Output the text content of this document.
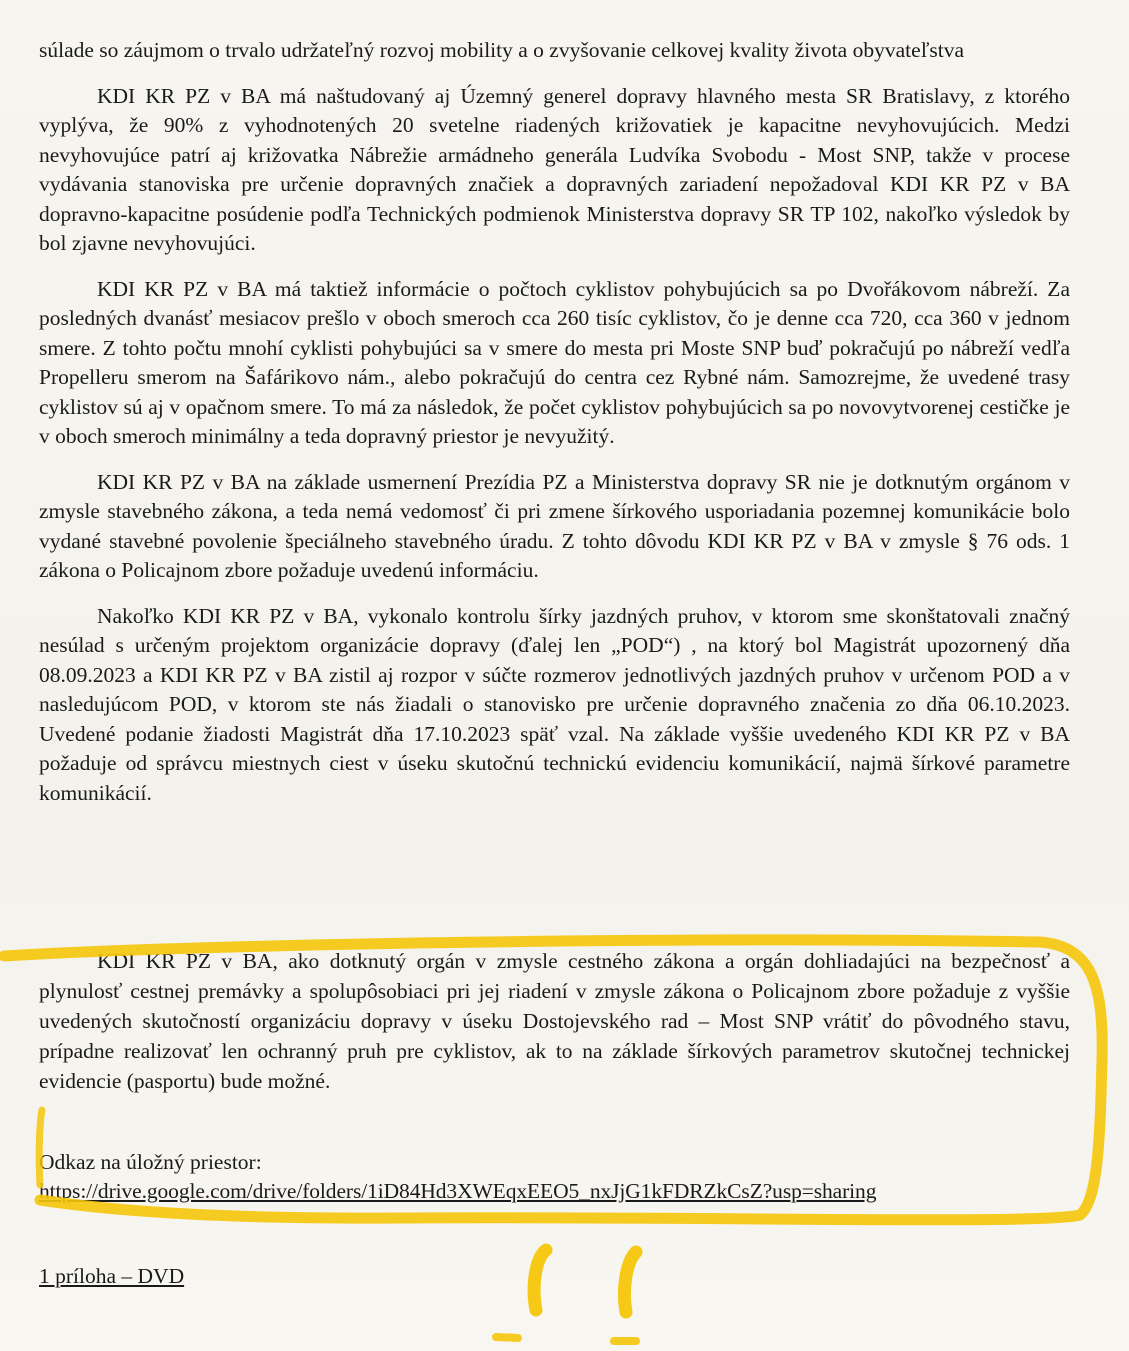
súlade so záujmom o trvalo udržateľný rozvoj mobility a o zvyšovanie celkovej kvality života obyvateľstva

KDI KR PZ v BA má naštudovaný aj Územný generel dopravy hlavného mesta SR Bratislavy, z ktorého vyplýva, že 90% z vyhodnotených 20 svetelne riadených križovatiek je kapacitne nevyhovujúcich. Medzi nevyhovujúce patrí aj križovatka Nábrežie armádneho generála Ludvíka Svobodu - Most SNP, takže v procese vydávania stanoviska pre určenie dopravných značiek a dopravných zariadení nepožadoval KDI KR PZ v BA dopravno-kapacitne posúdenie podľa Technických podmienok Ministerstva dopravy SR TP 102, nakoľko výsledok by bol zjavne nevyhovujúci.

KDI KR PZ v BA má taktiež informácie o počtoch cyklistov pohybujúcich sa po Dvořákovom nábreží. Za posledných dvanásť mesiacov prešlo v oboch smeroch cca 260 tisíc cyklistov, čo je denne cca 720, cca 360 v jednom smere. Z tohto počtu mnohí cyklisti pohybujúci sa v smere do mesta pri Moste SNP buď pokračujú po nábreží vedľa Propelleru smerom na Šafárikovo nám., alebo pokračujú do centra cez Rybné nám. Samozrejme, že uvedené trasy cyklistov sú aj v opačnom smere. To má za následok, že počet cyklistov pohybujúcich sa po novovytvorenej cestičke je v oboch smeroch minimálny a teda dopravný priestor je nevyužitý.

KDI KR PZ v BA na základe usmernení Prezídia PZ a Ministerstva dopravy SR nie je dotknutým orgánom v zmysle stavebného zákona, a teda nemá vedomosť či pri zmene šírkového usporiadania pozemnej komunikácie bolo vydané stavebné povolenie špeciálneho stavebného úradu. Z tohto dôvodu KDI KR PZ v BA v zmysle § 76 ods. 1 zákona o Policajnom zbore požaduje uvedenú informáciu.

Nakoľko KDI KR PZ v BA, vykonalo kontrolu šírky jazdných pruhov, v ktorom sme skonštatovali značný nesúlad s určeným projektom organizácie dopravy (ďalej len „POD“) , na ktorý bol Magistrát upozornený dňa 08.09.2023 a KDI KR PZ v BA zistil aj rozpor v súčte rozmerov jednotlivých jazdných pruhov v určenom POD a v nasledujúcom POD, v ktorom ste nás žiadali o stanovisko pre určenie dopravného značenia zo dňa 06.10.2023. Uvedené podanie žiadosti Magistrát dňa 17.10.2023 späť vzal. Na základe vyššie uvedeného KDI KR PZ v BA požaduje od správcu miestnych ciest v úseku skutočnú technickú evidenciu komunikácií, najmä šírkové parametre komunikácií.

KDI KR PZ v BA, ako dotknutý orgán v zmysle cestného zákona a orgán dohliadajúci na bezpečnosť a plynulosť cestnej premávky a spolupôsobiaci pri jej riadení v zmysle zákona o Policajnom zbore požaduje z vyššie uvedených skutočností organizáciu dopravy v úseku Dostojevského rad – Most SNP vrátiť do pôvodného stavu, prípadne realizovať len ochranný pruh pre cyklistov, ak to na základe šírkových parametrov skutočnej technickej evidencie (pasportu) bude možné.

Odkaz na úložný priestor:

https://drive.google.com/drive/folders/1iD84Hd3XWEqxEEO5_nxJjG1kFDRZkCsZ?usp=sharing
1 príloha – DVD
